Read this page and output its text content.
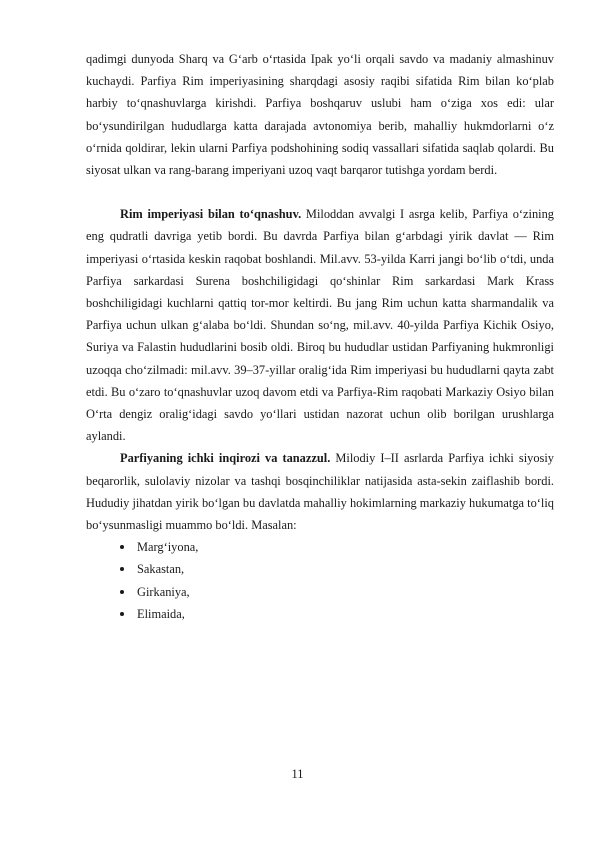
qadimgi dunyoda Sharq va G‘arb o‘rtasida Ipak yo‘li orqali savdo va madaniy almashinuv kuchaydi. Parfiya Rim imperiyasining sharqdagi asosiy raqibi sifatida Rim bilan ko‘plab harbiy to‘qnashuvlarga kirishdi. Parfiya boshqaruv uslubi ham o‘ziga xos edi: ular bo‘ysundirilgan hududlarga katta darajada avtonomiya berib, mahalliy hukmdorlarni o‘z o‘rnida qoldirar, lekin ularni Parfiya podshohining sodiq vassallari sifatida saqlab qolardi. Bu siyosat ulkan va rang-barang imperiyani uzoq vaqt barqaror tutishga yordam berdi.

Rim imperiyasi bilan to‘qnashuv. Miloddan avvalgi I asrga kelib, Parfiya o‘zining eng qudratli davriga yetib bordi. Bu davrda Parfiya bilan g‘arbdagi yirik davlat — Rim imperiyasi o‘rtasida keskin raqobat boshlandi. Mil.avv. 53-yilda Karri jangi bo‘lib o‘tdi, unda Parfiya sarkardasi Surena boshchiligidagi qo‘shinlar Rim sarkardasi Mark Krass boshchiligidagi kuchlarni qattiq tor-mor keltirdi. Bu jang Rim uchun katta sharmandalik va Parfiya uchun ulkan g‘alaba bo‘ldi. Shundan so‘ng, mil.avv. 40-yilda Parfiya Kichik Osiyo, Suriya va Falastin hududlarini bosib oldi. Biroq bu hududlar ustidan Parfiyaning hukmronligi uzoqqa cho‘zilmadi: mil.avv. 39–37-yillar oralig‘ida Rim imperiyasi bu hududlarni qayta zabt etdi. Bu o‘zaro to‘qnashuvlar uzoq davom etdi va Parfiya-Rim raqobati Markaziy Osiyo bilan O‘rta dengiz oralig‘idagi savdo yo‘llari ustidan nazorat uchun olib borilgan urushlarga aylandi.

Parfiyaning ichki inqirozi va tanazzul. Milodiy I–II asrlarda Parfiya ichki siyosiy beqarorlik, sulolaviy nizolar va tashqi bosqinchiliklar natijasida asta-sekin zaiflashib bordi. Hududiy jihatdan yirik bo‘lgan bu davlatda mahalliy hokimlarning markaziy hukumatga to‘liq bo‘ysunmasligi muammo bo‘ldi. Masalan:

Marg‘iyona,
Sakastan,
Girkaniya,
Elimaida,
11
